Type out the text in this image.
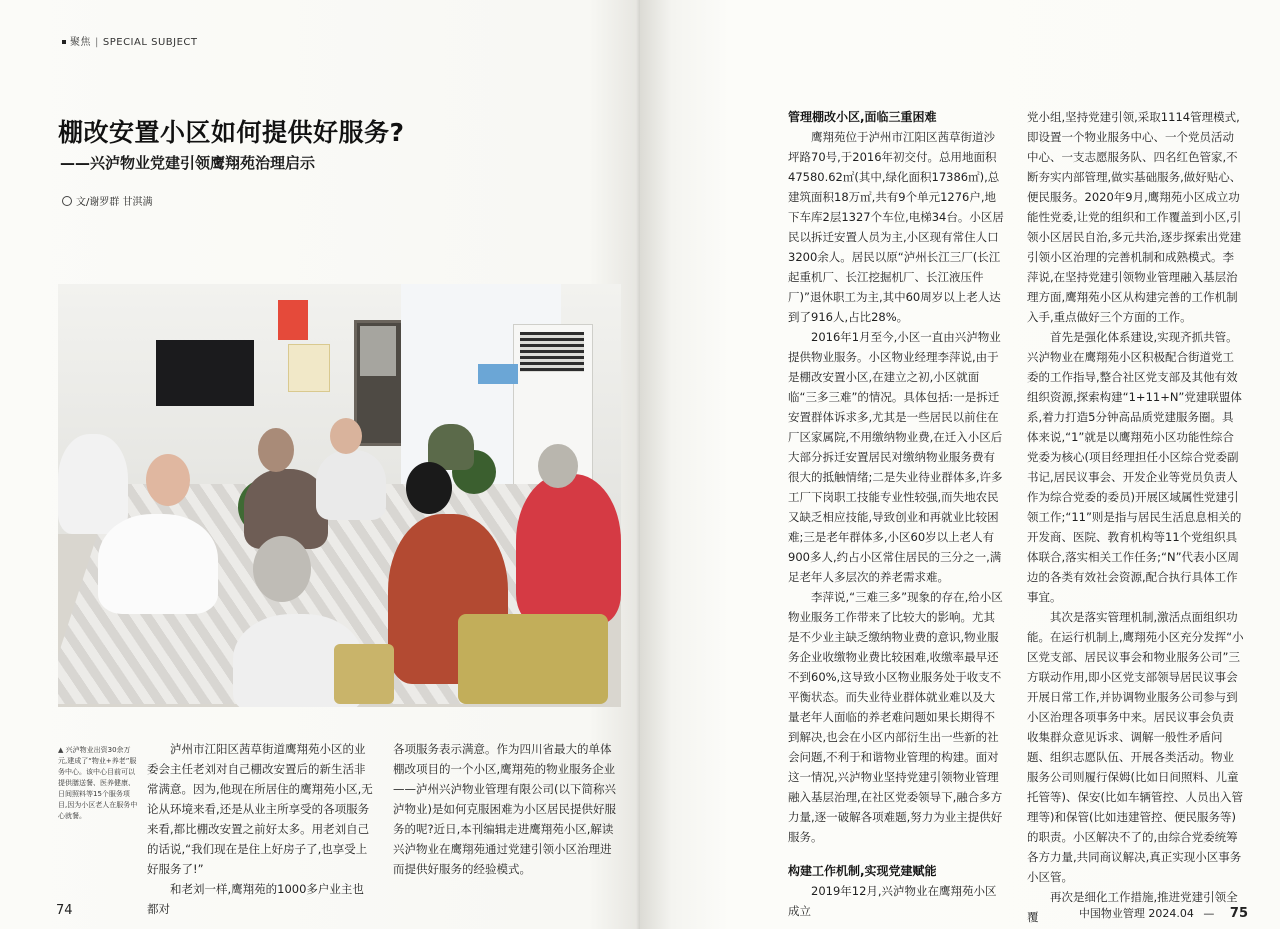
聚焦 | SPECIAL SUBJECT
棚改安置小区如何提供好服务?
——兴泸物业党建引领鹰翔苑治理启示
文/谢罗群 甘淇满
▲ 兴泸物业出资30余万元,建成了“物业+养老”服务中心。该中心目前可以提供膳送餐、医养健康、日间照料等15个服务项目,因为小区老人在服务中心就餐。

泸州市江阳区茜草街道鹰翔苑小区的业委会主任老刘对自己棚改安置后的新生活非常满意。因为,他现在所居住的鹰翔苑小区,无论从环境来看,还是从业主所享受的各项服务来看,都比棚改安置之前好太多。用老刘自己的话说,“我们现在是住上好房子了,也享受上好服务了!”

和老刘一样,鹰翔苑的1000多户业主也都对

各项服务表示满意。作为四川省最大的单体棚改项目的一个小区,鹰翔苑的物业服务企业——泸州兴泸物业管理有限公司(以下简称兴泸物业)是如何克服困难为小区居民提供好服务的呢?近日,本刊编辑走进鹰翔苑小区,解读兴泸物业在鹰翔苑通过党建引领小区治理进而提供好服务的经验模式。

74

管理棚改小区,面临三重困难

鹰翔苑位于泸州市江阳区茜草街道沙坪路70号,于2016年初交付。总用地面积47580.62㎡(其中,绿化面积17386㎡),总建筑面积18万㎡,共有9个单元1276户,地下车库2层1327个车位,电梯34台。小区居民以拆迁安置人员为主,小区现有常住人口3200余人。居民以原“泸州长江三厂(长江起重机厂、长江挖掘机厂、长江液压件厂)”退休职工为主,其中60周岁以上老人达到了916人,占比28%。

2016年1月至今,小区一直由兴泸物业提供物业服务。小区物业经理李萍说,由于是棚改安置小区,在建立之初,小区就面临“三多三难”的情况。具体包括:一是拆迁安置群体诉求多,尤其是一些居民以前住在厂区家属院,不用缴纳物业费,在迁入小区后大部分拆迁安置居民对缴纳物业服务费有很大的抵触情绪;二是失业待业群体多,许多工厂下岗职工技能专业性较强,而失地农民又缺乏相应技能,导致创业和再就业比较困难;三是老年群体多,小区60岁以上老人有900多人,约占小区常住居民的三分之一,满足老年人多层次的养老需求难。

李萍说,“三难三多”现象的存在,给小区物业服务工作带来了比较大的影响。尤其是不少业主缺乏缴纳物业费的意识,物业服务企业收缴物业费比较困难,收缴率最早还不到60%,这导致小区物业服务处于收支不平衡状态。而失业待业群体就业难以及大量老年人面临的养老难问题如果长期得不到解决,也会在小区内部衍生出一些新的社会问题,不利于和谐物业管理的构建。面对这一情况,兴泸物业坚持党建引领物业管理融入基层治理,在社区党委领导下,融合多方力量,逐一破解各项难题,努力为业主提供好服务。

构建工作机制,实现党建赋能

2019年12月,兴泸物业在鹰翔苑小区成立

党小组,坚持党建引领,采取1114管理模式,即设置一个物业服务中心、一个党员活动中心、一支志愿服务队、四名红色管家,不断夯实内部管理,做实基础服务,做好贴心、便民服务。2020年9月,鹰翔苑小区成立功能性党委,让党的组织和工作覆盖到小区,引领小区居民自治,多元共治,逐步探索出党建引领小区治理的完善机制和成熟模式。李萍说,在坚持党建引领物业管理融入基层治理方面,鹰翔苑小区从构建完善的工作机制入手,重点做好三个方面的工作。

首先是强化体系建设,实现齐抓共管。兴泸物业在鹰翔苑小区积极配合街道党工委的工作指导,整合社区党支部及其他有效组织资源,探索构建“1+11+N”党建联盟体系,着力打造5分钟高品质党建服务圈。具体来说,“1”就是以鹰翔苑小区功能性综合党委为核心(项目经理担任小区综合党委副书记,居民议事会、开发企业等党员负责人作为综合党委的委员)开展区域属性党建引领工作;“11”则是指与居民生活息息相关的开发商、医院、教育机构等11个党组织具体联合,落实相关工作任务;“N”代表小区周边的各类有效社会资源,配合执行具体工作事宜。

其次是落实管理机制,激活点面组织功能。在运行机制上,鹰翔苑小区充分发挥“小区党支部、居民议事会和物业服务公司”三方联动作用,即小区党支部领导居民议事会开展日常工作,并协调物业服务公司参与到小区治理各项事务中来。居民议事会负责收集群众意见诉求、调解一般性矛盾问题、组织志愿队伍、开展各类活动。物业服务公司则履行保姆(比如日间照料、儿童托管等)、保安(比如车辆管控、人员出入管理等)和保管(比如违建管控、便民服务等)的职责。小区解决不了的,由综合党委统筹各方力量,共同商议解决,真正实现小区事务小区管。

再次是细化工作措施,推进党建引领全覆	中国物业管理 2024.04 — 75
